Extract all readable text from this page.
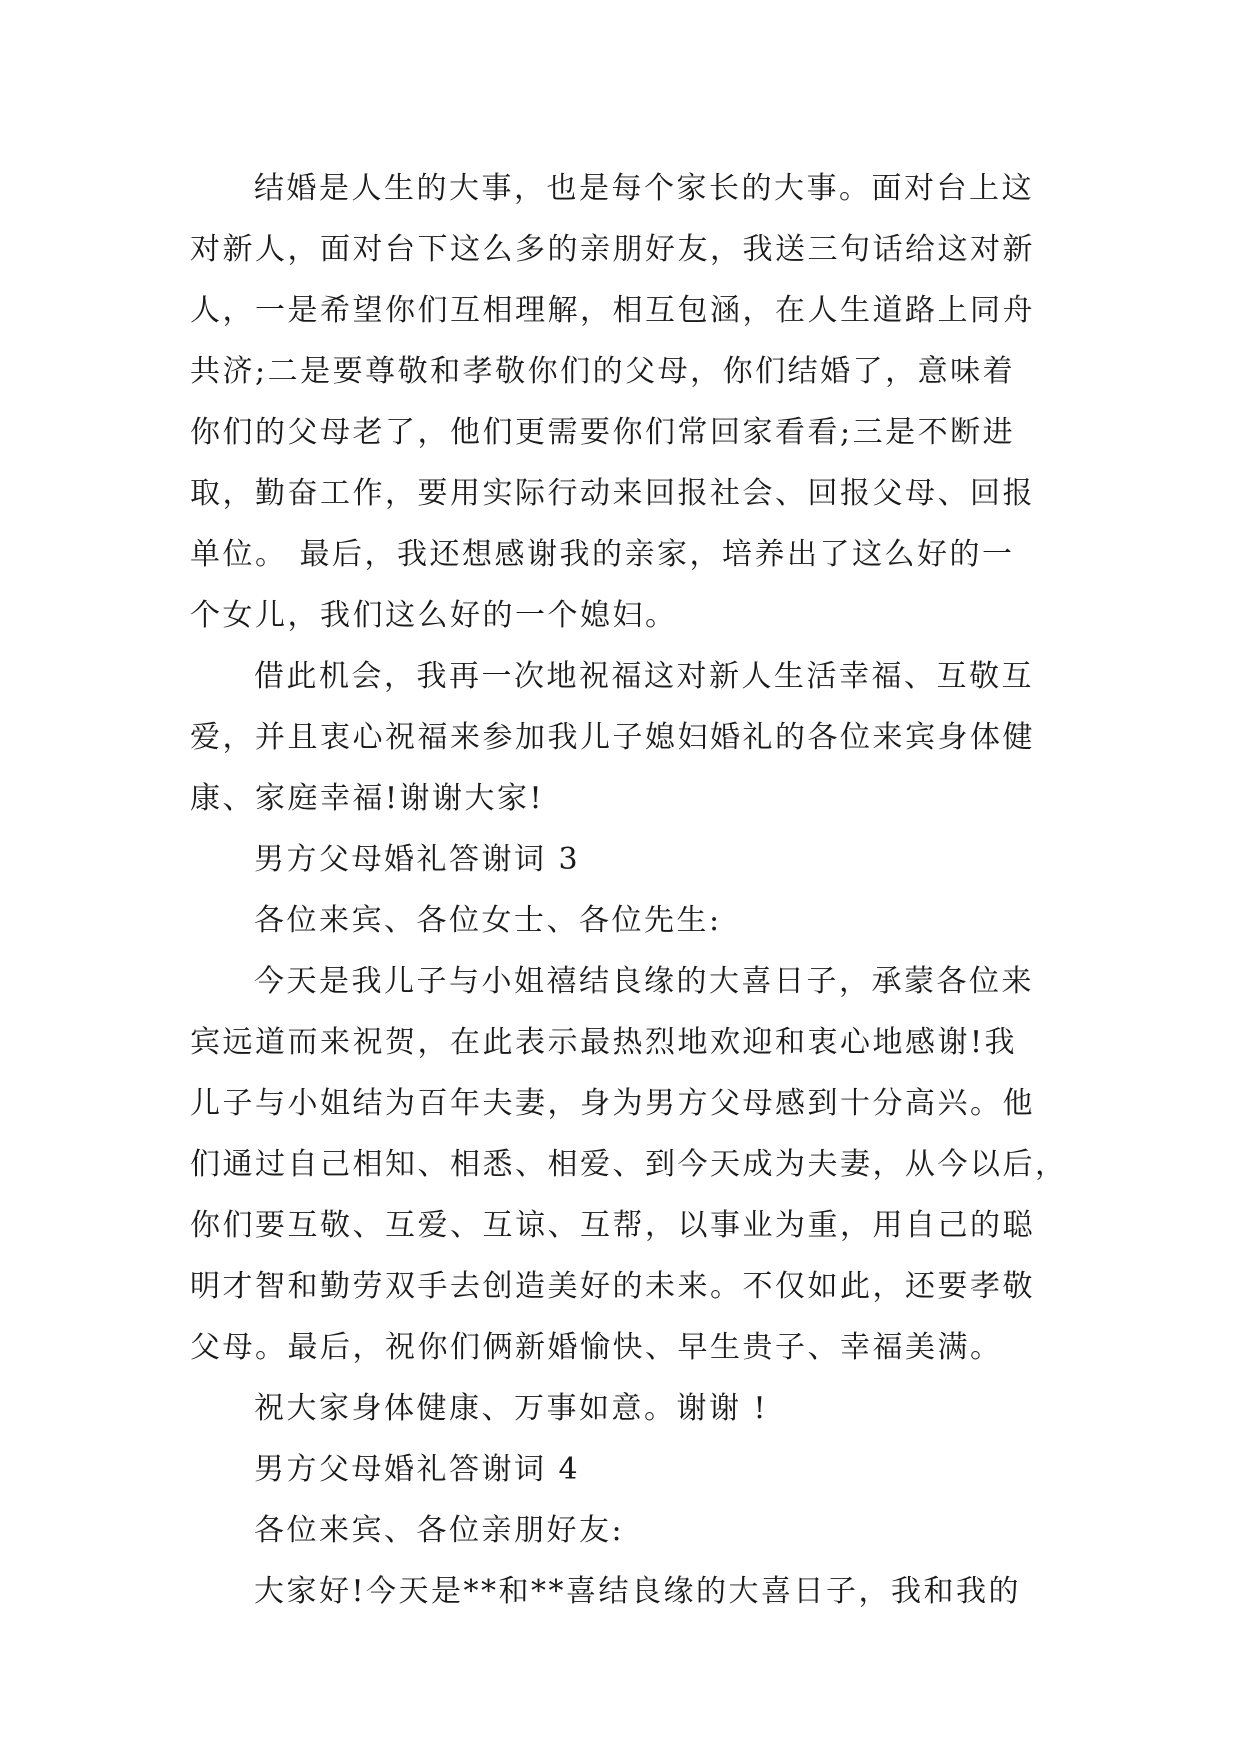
结婚是人生的大事，也是每个家长的大事。面对台上这
对新人，面对台下这么多的亲朋好友，我送三句话给这对新
人，一是希望你们互相理解，相互包涵，在人生道路上同舟
共济;二是要尊敬和孝敬你们的父母，你们结婚了，意味着
你们的父母老了，他们更需要你们常回家看看;三是不断进
取，勤奋工作，要用实际行动来回报社会、回报父母、回报
单位。 最后，我还想感谢我的亲家，培养出了这么好的一
个女儿，我们这么好的一个媳妇。
借此机会，我再一次地祝福这对新人生活幸福、互敬互
爱，并且衷心祝福来参加我儿子媳妇婚礼的各位来宾身体健
康、家庭幸福!谢谢大家!
男方父母婚礼答谢词 3
各位来宾、各位女士、各位先生:
今天是我儿子与小姐禧结良缘的大喜日子，承蒙各位来
宾远道而来祝贺，在此表示最热烈地欢迎和衷心地感谢!我
儿子与小姐结为百年夫妻，身为男方父母感到十分高兴。他
们通过自己相知、相悉、相爱、到今天成为夫妻，从今以后，
你们要互敬、互爱、互谅、互帮，以事业为重，用自己的聪
明才智和勤劳双手去创造美好的未来。不仅如此，还要孝敬
父母。最后，祝你们俩新婚愉快、早生贵子、幸福美满。
祝大家身体健康、万事如意。谢谢 !
男方父母婚礼答谢词 4
各位来宾、各位亲朋好友:
大家好!今天是**和**喜结良缘的大喜日子，我和我的
